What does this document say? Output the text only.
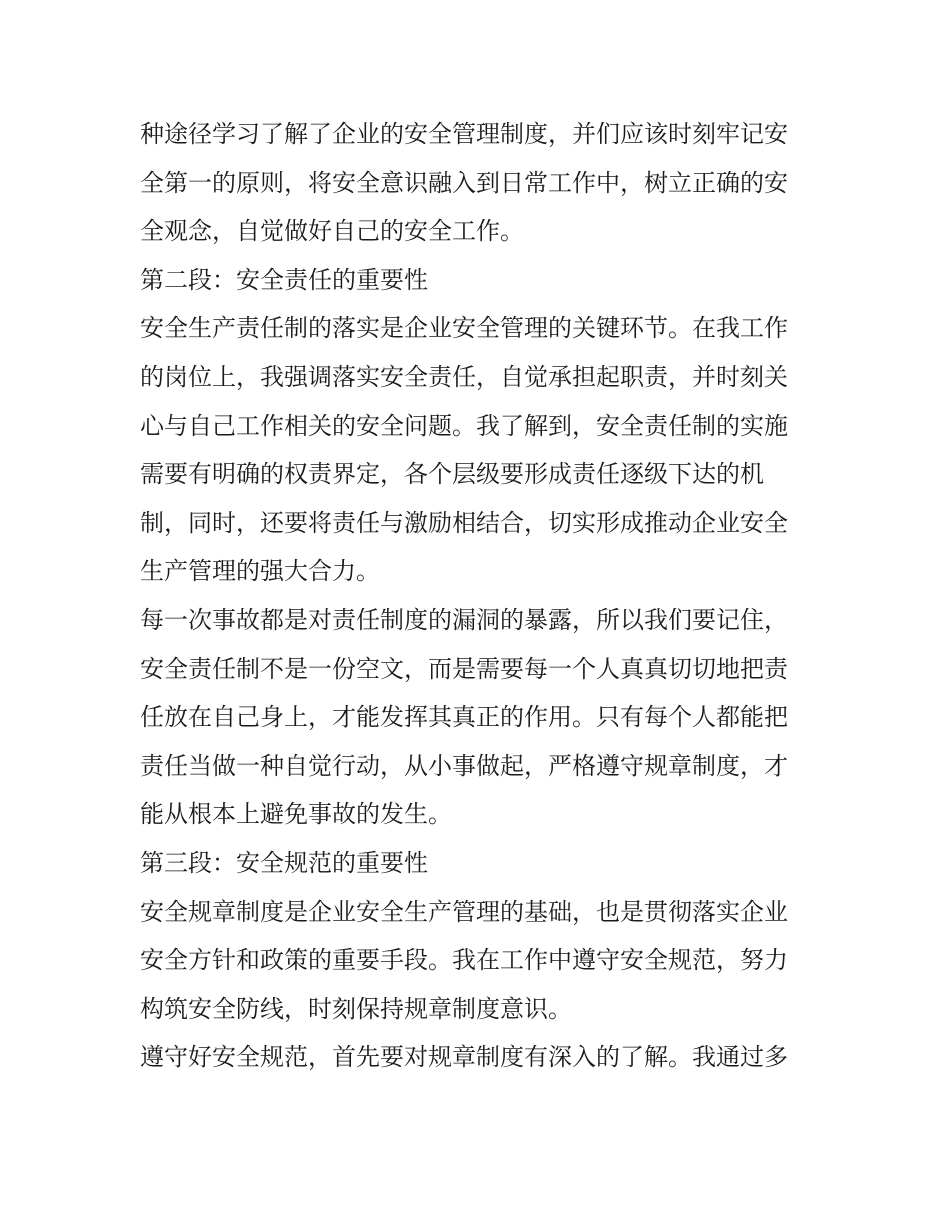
种途径学习了解了企业的安全管理制度，并们应该时刻牢记安
全第一的原则，将安全意识融入到日常工作中，树立正确的安
全观念，自觉做好自己的安全工作。

第二段：安全责任的重要性

安全生产责任制的落实是企业安全管理的关键环节。在我工作
的岗位上，我强调落实安全责任，自觉承担起职责，并时刻关
心与自己工作相关的安全问题。我了解到，安全责任制的实施
需要有明确的权责界定，各个层级要形成责任逐级下达的机
制，同时，还要将责任与激励相结合，切实形成推动企业安全
生产管理的强大合力。

每一次事故都是对责任制度的漏洞的暴露，所以我们要记住，
安全责任制不是一份空文，而是需要每一个人真真切切地把责
任放在自己身上，才能发挥其真正的作用。只有每个人都能把
责任当做一种自觉行动，从小事做起，严格遵守规章制度，才
能从根本上避免事故的发生。

第三段：安全规范的重要性

安全规章制度是企业安全生产管理的基础，也是贯彻落实企业
安全方针和政策的重要手段。我在工作中遵守安全规范，努力
构筑安全防线，时刻保持规章制度意识。

遵守好安全规范，首先要对规章制度有深入的了解。我通过多
